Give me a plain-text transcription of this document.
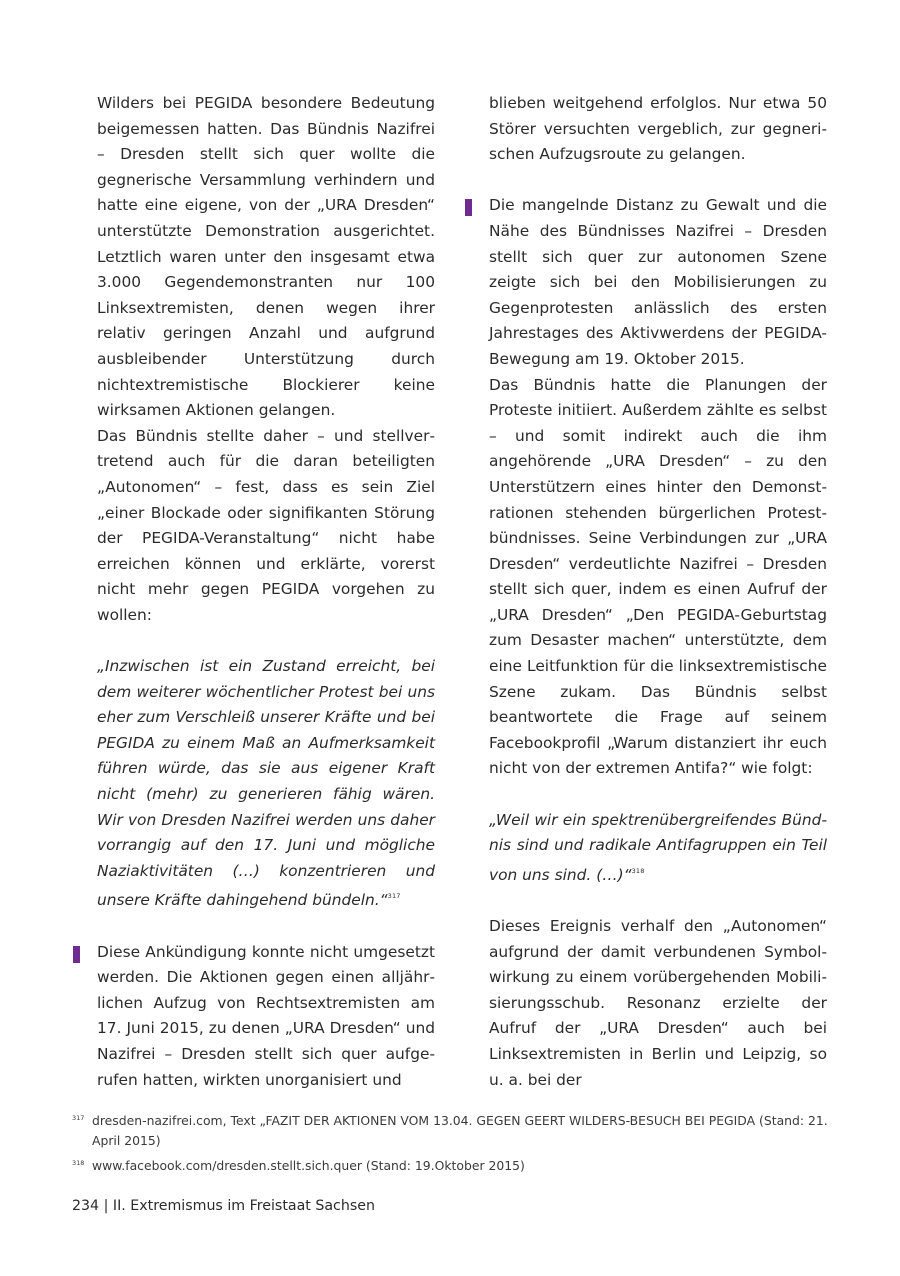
Wilders bei PEGIDA besondere Bedeutung beigemessen hatten. Das Bündnis Nazifrei – Dresden stellt sich quer wollte die gegnerische Versammlung verhindern und hatte eine eigene, von der „URA Dresden“ unterstützte Demonstration ausgerichtet. Letztlich waren unter den insgesamt etwa 3.000 Gegendemonstranten nur 100 Linksextremisten, denen wegen ihrer relativ geringen Anzahl und aufgrund ausbleibender Unterstützung durch nichtextremistische Blockierer keine wirksamen Aktionen gelangen.

Das Bündnis stellte daher – und stellvertretend auch für die daran beteiligten „Autonomen“ – fest, dass es sein Ziel „einer Blockade oder signifikanten Störung der PEGIDA-Veranstaltung“ nicht habe erreichen können und erklärte, vorerst nicht mehr gegen PEGIDA vorgehen zu wollen:

„Inzwischen ist ein Zustand erreicht, bei dem weiterer wöchentlicher Protest bei uns eher zum Verschleiß unserer Kräfte und bei PEGIDA zu einem Maß an Aufmerksamkeit führen würde, das sie aus eigener Kraft nicht (mehr) zu generieren fähig wären. Wir von Dresden Nazifrei werden uns daher vorrangig auf den 17. Juni und mögliche Naziaktivitäten (…) konzentrieren und unsere Kräfte dahingehend bündeln.“$^{317}$

Diese Ankündigung konnte nicht umgesetzt werden. Die Aktionen gegen einen alljährlichen Aufzug von Rechtsextremisten am 17. Juni 2015, zu denen „URA Dresden“ und Nazifrei – Dresden stellt sich quer aufgerufen hatten, wirkten unorganisiert und

blieben weitgehend erfolglos. Nur etwa 50 Störer versuchten vergeblich, zur gegnerischen Aufzugsroute zu gelangen.

Die mangelnde Distanz zu Gewalt und die Nähe des Bündnisses Nazifrei – Dresden stellt sich quer zur autonomen Szene zeigte sich bei den Mobilisierungen zu Gegenprotesten anlässlich des ersten Jahrestages des Aktivwerdens der PEGIDA-Bewegung am 19. Oktober 2015.

Das Bündnis hatte die Planungen der Proteste initiiert. Außerdem zählte es selbst – und somit indirekt auch die ihm angehörende „URA Dresden“ – zu den Unterstützern eines hinter den Demonstrationen stehenden bürgerlichen Protestbündnisses. Seine Verbindungen zur „URA Dresden“ verdeutlichte Nazifrei – Dresden stellt sich quer, indem es einen Aufruf der „URA Dresden“ „Den PEGIDA-Geburtstag zum Desaster machen“ unterstützte, dem eine Leitfunktion für die linksextremistische Szene zukam. Das Bündnis selbst beantwortete die Frage auf seinem Facebookprofil „Warum distanziert ihr euch nicht von der extremen Antifa?“ wie folgt:

„Weil wir ein spektrenübergreifendes Bündnis sind und radikale Antifagruppen ein Teil von uns sind. (…)“$^{318}$

Dieses Ereignis verhalf den „Autonomen“ aufgrund der damit verbundenen Symbolwirkung zu einem vorübergehenden Mobilisierungsschub. Resonanz erzielte der Aufruf der „URA Dresden“ auch bei Linksextremisten in Berlin und Leipzig, so u. a. bei der

317 dresden-nazifrei.com, Text „FAZIT DER AKTIONEN VOM 13.04. GEGEN GEERT WILDERS-BESUCH BEI PEGIDA (Stand: 21. April 2015)
318 www.facebook.com/dresden.stellt.sich.quer (Stand: 19.Oktober 2015)
234 | II. Extremismus im Freistaat Sachsen
